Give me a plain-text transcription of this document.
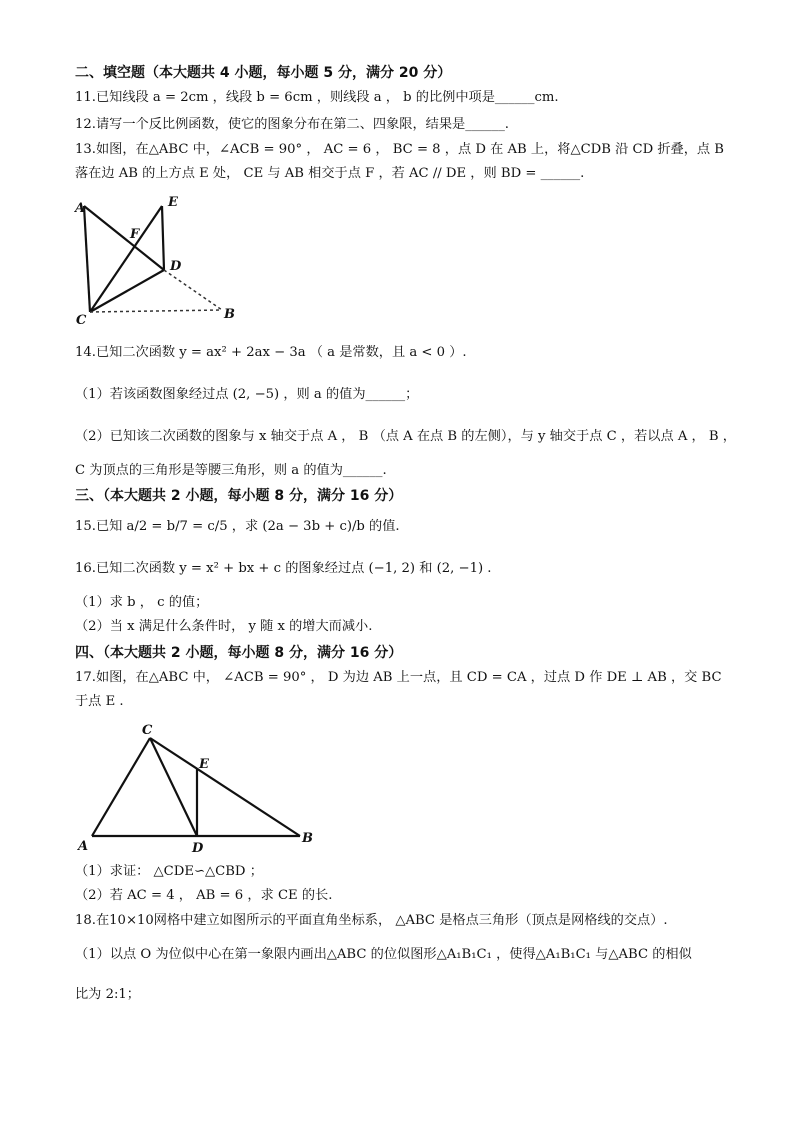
二、填空题（本大题共 4 小题，每小题 5 分，满分 20 分）
11.已知线段 a = 2cm ，线段 b = 6cm ，则线段 a ， b 的比例中项是______cm.
12.请写一个反比例函数，使它的图象分布在第二、四象限，结果是______.
13.如图，在△ABC 中，∠ACB = 90° ， AC = 6 ， BC = 8 ，点 D 在 AB 上，将△CDB 沿 CD 折叠，点 B
落在边 AB 的上方点 E 处， CE 与 AB 相交于点 F ，若 AC // DE ，则 BD = ______.
A	E
F
D
C	B
14.已知二次函数 y = ax² + 2ax − 3a （ a 是常数，且 a < 0 ）.
（1）若该函数图象经过点 (2, −5) ，则 a 的值为______；
（2）已知该二次函数的图象与 x 轴交于点 A ， B （点 A 在点 B 的左侧），与 y 轴交于点 C ，若以点 A ， B ，
C 为顶点的三角形是等腰三角形，则 a 的值为______.
三、（本大题共 2 小题，每小题 8 分，满分 16 分）
15.已知 a/2 = b/7 = c/5 ，求 (2a − 3b + c)/b 的值.
16.已知二次函数 y = x² + bx + c 的图象经过点 (−1, 2) 和 (2, −1) .
（1）求 b ， c 的值；
（2）当 x 满足什么条件时， y 随 x 的增大而减小.
四、（本大题共 2 小题，每小题 8 分，满分 16 分）
17.如图，在△ABC 中， ∠ACB = 90° ， D 为边 AB 上一点，且 CD = CA ，过点 D 作 DE ⊥ AB ，交 BC
于点 E .
C
E
A	D
B
（1）求证： △CDE∽△CBD ；
（2）若 AC = 4 ， AB = 6 ，求 CE 的长.
18.在10×10网格中建立如图所示的平面直角坐标系， △ABC 是格点三角形（顶点是网格线的交点）.
（1）以点 O 为位似中心在第一象限内画出△ABC 的位似图形△A₁B₁C₁ ，使得△A₁B₁C₁ 与△ABC 的相似
比为 2:1；
